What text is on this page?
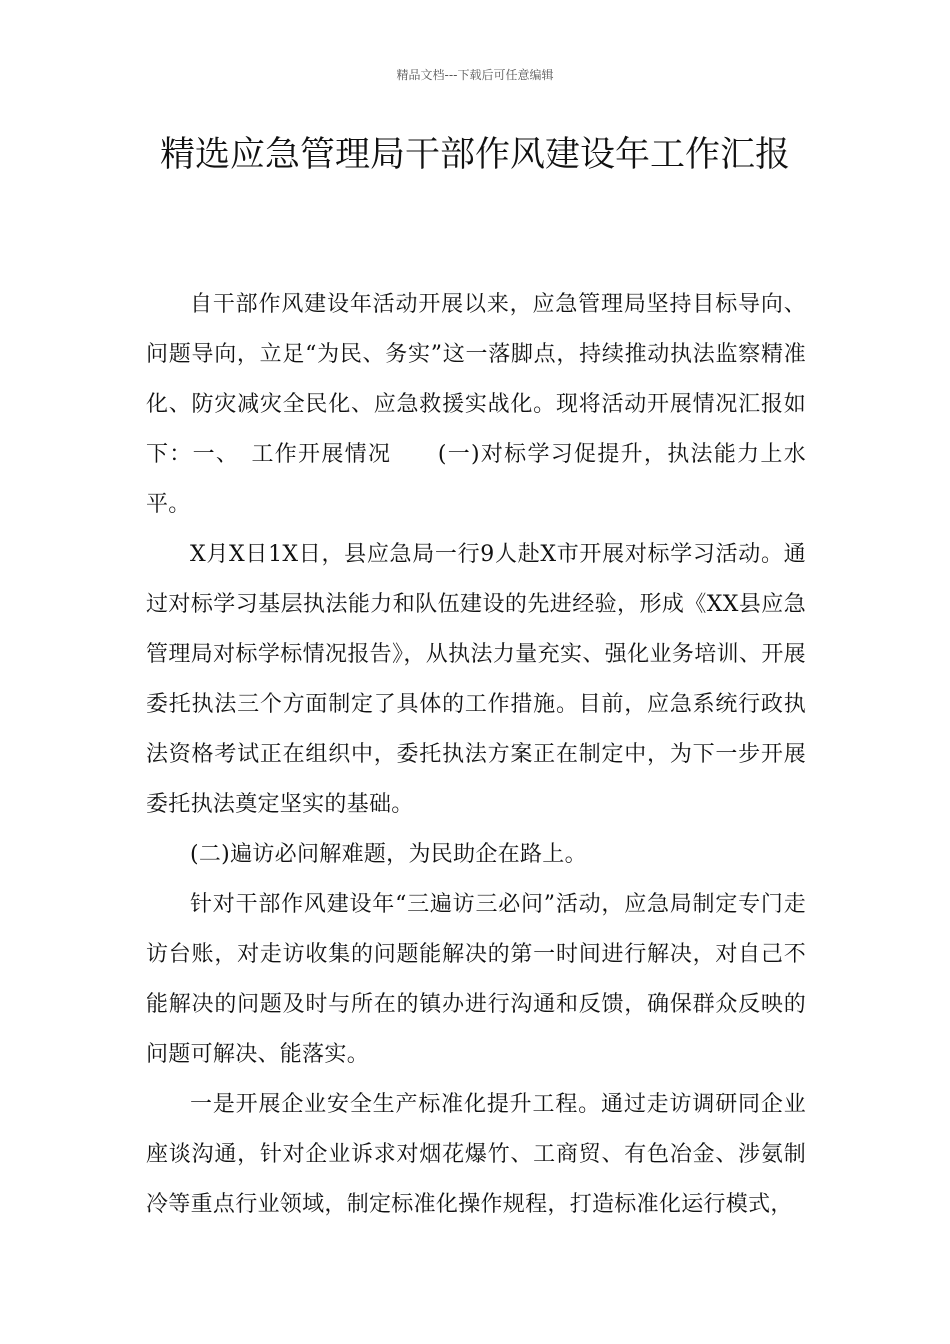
精品文档---下载后可任意编辑
精选应急管理局干部作风建设年工作汇报

自干部作风建设年活动开展以来，应急管理局坚持目标导向、问题导向，立足“为民、务实”这一落脚点，持续推动执法监察精准化、防灾减灾全民化、应急救援实战化。现将活动开展情况汇报如下：一、　工作开展情况　　(一)对标学习促提升，执法能力上水平。

X月X日1X日，县应急局一行9人赴X市开展对标学习活动。通过对标学习基层执法能力和队伍建设的先进经验，形成《XX县应急管理局对标学标情况报告》，从执法力量充实、强化业务培训、开展委托执法三个方面制定了具体的工作措施。目前，应急系统行政执法资格考试正在组织中，委托执法方案正在制定中，为下一步开展委托执法奠定坚实的基础。

(二)遍访必问解难题，为民助企在路上。

针对干部作风建设年“三遍访三必问”活动，应急局制定专门走访台账，对走访收集的问题能解决的第一时间进行解决，对自己不能解决的问题及时与所在的镇办进行沟通和反馈，确保群众反映的问题可解决、能落实。

一是开展企业安全生产标准化提升工程。通过走访调研同企业座谈沟通，针对企业诉求对烟花爆竹、工商贸、有色冶金、涉氨制冷等重点行业领域，制定标准化操作规程，打造标准化运行模式，
